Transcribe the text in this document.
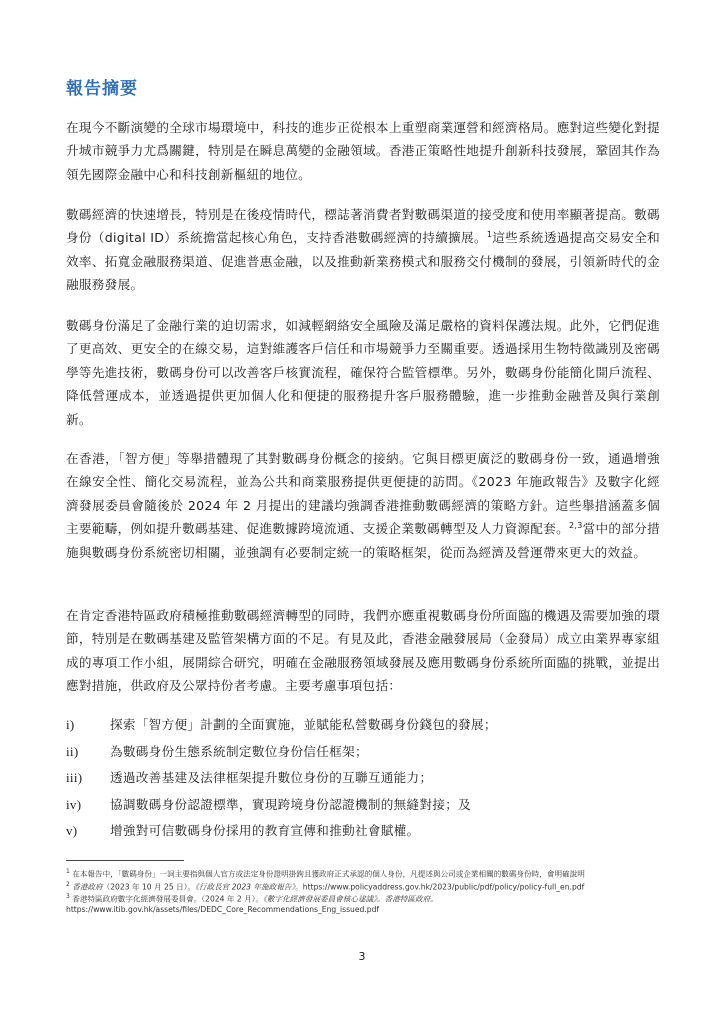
報告摘要

在現今不斷演變的全球市場環境中，科技的進步正從根本上重塑商業運營和經濟格局。應對這些變化對提升城市競爭力尤爲關鍵，特別是在瞬息萬變的金融領域。香港正策略性地提升創新科技發展，鞏固其作為領先國際金融中心和科技創新樞紐的地位。

數碼經濟的快速增長，特別是在後疫情時代，標誌著消費者對數碼渠道的接受度和使用率顯著提高。數碼身份（digital ID）系統擔當起核心角色，支持香港數碼經濟的持續擴展。$^1$這些系統透過提高交易安全和效率、拓寬金融服務渠道、促進普惠金融，以及推動新業務模式和服務交付機制的發展，引領新時代的金融服務發展。

數碼身份滿足了金融行業的迫切需求，如減輕網絡安全風險及滿足嚴格的資料保護法規。此外，它們促進了更高效、更安全的在線交易，這對維護客戶信任和市場競爭力至關重要。透過採用生物特徵識別及密碼學等先進技術，數碼身份可以改善客戶核實流程，確保符合監管標準。另外，數碼身份能簡化開戶流程、降低營運成本，並透過提供更加個人化和便捷的服務提升客戶服務體驗，進一步推動金融普及與行業創新。

在香港，「智方便」等舉措體現了其對數碼身份概念的接納。它與目標更廣泛的數碼身份一致，通過增強在線安全性、簡化交易流程，並為公共和商業服務提供更便捷的訪問。《2023 年施政報告》及數字化經濟發展委員會隨後於 2024 年 2 月提出的建議均強調香港推動數碼經濟的策略方針。這些舉措涵蓋多個主要範疇，例如提升數碼基建、促進數據跨境流通、支援企業數碼轉型及人力資源配套。$^{2,3}$當中的部分措施與數碼身份系統密切相關，並強調有必要制定統一的策略框架，從而為經濟及營運帶來更大的效益。

在肯定香港特區政府積極推動數碼經濟轉型的同時，我們亦應重視數碼身份所面臨的機遇及需要加強的環節，特別是在數碼基建及監管架構方面的不足。有見及此，香港金融發展局（金發局）成立由業界專家組成的專項工作小組，展開綜合研究，明確在金融服務領域發展及應用數碼身份系統所面臨的挑戰，並提出應對措施，供政府及公眾持份者考慮。主要考慮事項包括：

i)	探索「智方便」計劃的全面實施，並賦能私營數碼身份錢包的發展；
ii)	為數碼身份生態系統制定數位身份信任框架；
iii) 透過改善基建及法律框架提升數位身份的互聯互通能力；
iv) 協調數碼身份認證標準，實現跨境身份認證機制的無縫對接；及
v)	增強對可信數碼身份採用的教育宣傳和推動社會賦權。

$^1$ 在本報告中，「數碼身份」一詞主要指與個人官方或法定身份證明掛鉤且獲政府正式承認的個人身份，凡提述與公司或企業相關的數碼身份時，會明確說明

$^2$ 香港政府（2023 年 10 月 25 日）。《行政長官 2023 年施政報告》。https://www.policyaddress.gov.hk/2023/public/pdf/policy/policy-full_en.pdf

$^3$ 香港特區政府數字化經濟發展委員會。（2024 年 2 月）。《數字化經濟發展委員會核心建議》。香港特區政府。

https://www.itib.gov.hk/assets/files/DEDC_Core_Recommendations_Eng_issued.pdf

3
